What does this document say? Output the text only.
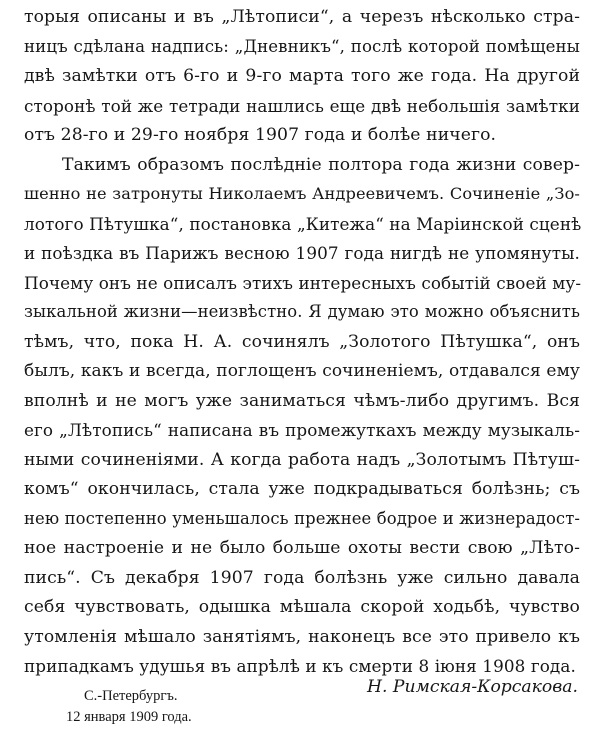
торыя описаны и въ „Лѣтописи“, а черезъ нѣсколько стра-
ницъ сдѣлана надпись: „Дневникъ“, послѣ которой помѣщены
двѣ замѣтки отъ 6-го и 9-го марта того же года. На другой
сторонѣ той же тетради нашлись еще двѣ небольшія замѣтки
отъ 28-го и 29-го ноября 1907 года и болѣе ничего.
Такимъ образомъ послѣдніе полтора года жизни совер-
шенно не затронуты Николаемъ Андреевичемъ. Сочиненіе „Зо-
лотого Пѣтушка“, постановка „Китежа“ на Маріинской сценѣ
и поѣздка въ Парижъ весною 1907 года нигдѣ не упомянуты.
Почему онъ не описалъ этихъ интересныхъ событій своей му-
зыкальной жизни—неизвѣстно. Я думаю это можно объяснить
тѣмъ, что, пока Н. А. сочинялъ „Золотого Пѣтушка“, онъ
былъ, какъ и всегда, поглощенъ сочиненіемъ, отдавался ему
вполнѣ и не могъ уже заниматься чѣмъ-либо другимъ. Вся
его „Лѣтопись“ написана въ промежуткахъ между музыкаль-
ными сочиненіями. А когда работа надъ „Золотымъ Пѣтуш-
комъ“ окончилась, стала уже подкрадываться болѣзнь; съ
нею постепенно уменьшалось прежнее бодрое и жизнерадост-
ное настроеніе и не было больше охоты вести свою „Лѣто-
пись“. Съ декабря 1907 года болѣзнь уже сильно давала
себя чувствовать, одышка мѣшала скорой ходьбѣ, чувство
утомленія мѣшало занятіямъ, наконецъ все это привело къ
припадкамъ удушья въ апрѣлѣ и къ смерти 8 іюня 1908 года.
Н. Римская-Корсакова.
С.-Петербургъ.
12 января 1909 года.
